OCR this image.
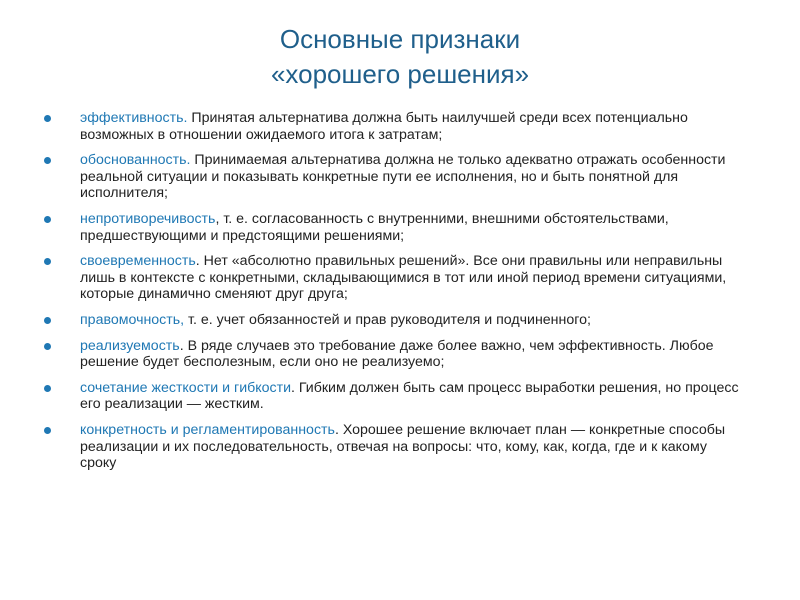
Основные признаки
«хорошего решения»
эффективность. Принятая альтернатива должна быть наилучшей среди всех потенциально возможных в отношении ожидаемого итога к затратам;
обоснованность. Принимаемая альтернатива должна не только адекватно отражать особенности реальной ситуации и показывать конкретные пути ее исполнения, но и быть понятной для исполнителя;
непротиворечивость, т. е. согласованность с внутренними, внешними обстоятельствами, предшествующими и предстоящими решениями;
своевременность. Нет «абсолютно правильных решений». Все они правильны или неправильны лишь в контексте с конкретными, складывающимися в тот или иной период времени ситуациями, которые динамично сменяют друг друга;
правомочность, т. е. учет обязанностей и прав руководителя и подчиненного;
реализуемость. В ряде случаев это требование даже более важно, чем эффективность. Любое решение будет бесполезным, если оно не реализуемо;
сочетание жесткости и гибкости. Гибким должен быть сам процесс выработки решения, но процесс его реализации — жестким.
конкретность и регламентированность. Хорошее решение включает план — конкретные способы реализации и их последовательность, отвечая на вопросы: что, кому, как, когда, где и к какому сроку
